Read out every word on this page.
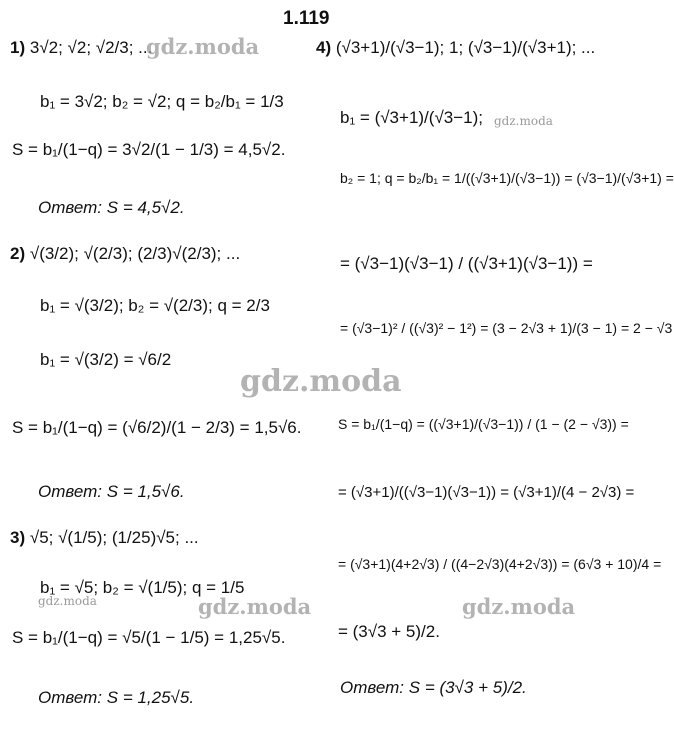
1.119
1) 3√2; √2; √2/3; ...
b₁ = 3√2; b₂ = √2; q = b₂/b₁ = 1/3
S = b₁/(1−q) = 3√2/(1 − 1/3) = 4,5√2.
Ответ: S = 4,5√2.
2) √(3/2); √(2/3); (2/3)√(2/3); ...
b₁ = √(3/2); b₂ = √(2/3); q = 2/3
b₁ = √(3/2) = √6/2
S = b₁/(1−q) = (√6/2)/(1 − 2/3) = 1,5√6.
Ответ: S = 1,5√6.
3) √5; √(1/5); (1/25)√5; ...
b₁ = √5; b₂ = √(1/5); q = 1/5
S = b₁/(1−q) = √5/(1 − 1/5) = 1,25√5.
Ответ: S = 1,25√5.
4) (√3+1)/(√3−1); 1; (√3−1)/(√3+1); ...
b₁ = (√3+1)/(√3−1);
b₂ = 1; q = b₂/b₁ = 1/((√3+1)/(√3−1)) = (√3−1)/(√3+1) =
= (√3−1)(√3−1) / ((√3+1)(√3−1)) =
= (√3−1)² / ((√3)² − 1²) = (3 − 2√3 + 1)/(3 − 1) = 2 − √3
S = b₁/(1−q) = ((√3+1)/(√3−1)) / (1 − (2 − √3)) =
= (√3+1)/((√3−1)(√3−1)) = (√3+1)/(4 − 2√3) =
= (√3+1)(4+2√3) / ((4−2√3)(4+2√3)) = (6√3 + 10)/4 =
= (3√3 + 5)/2.
Ответ: S = (3√3 + 5)/2.
gdz.moda
gdz.moda
gdz.moda
gdz.moda	gdz.moda	gdz.moda
